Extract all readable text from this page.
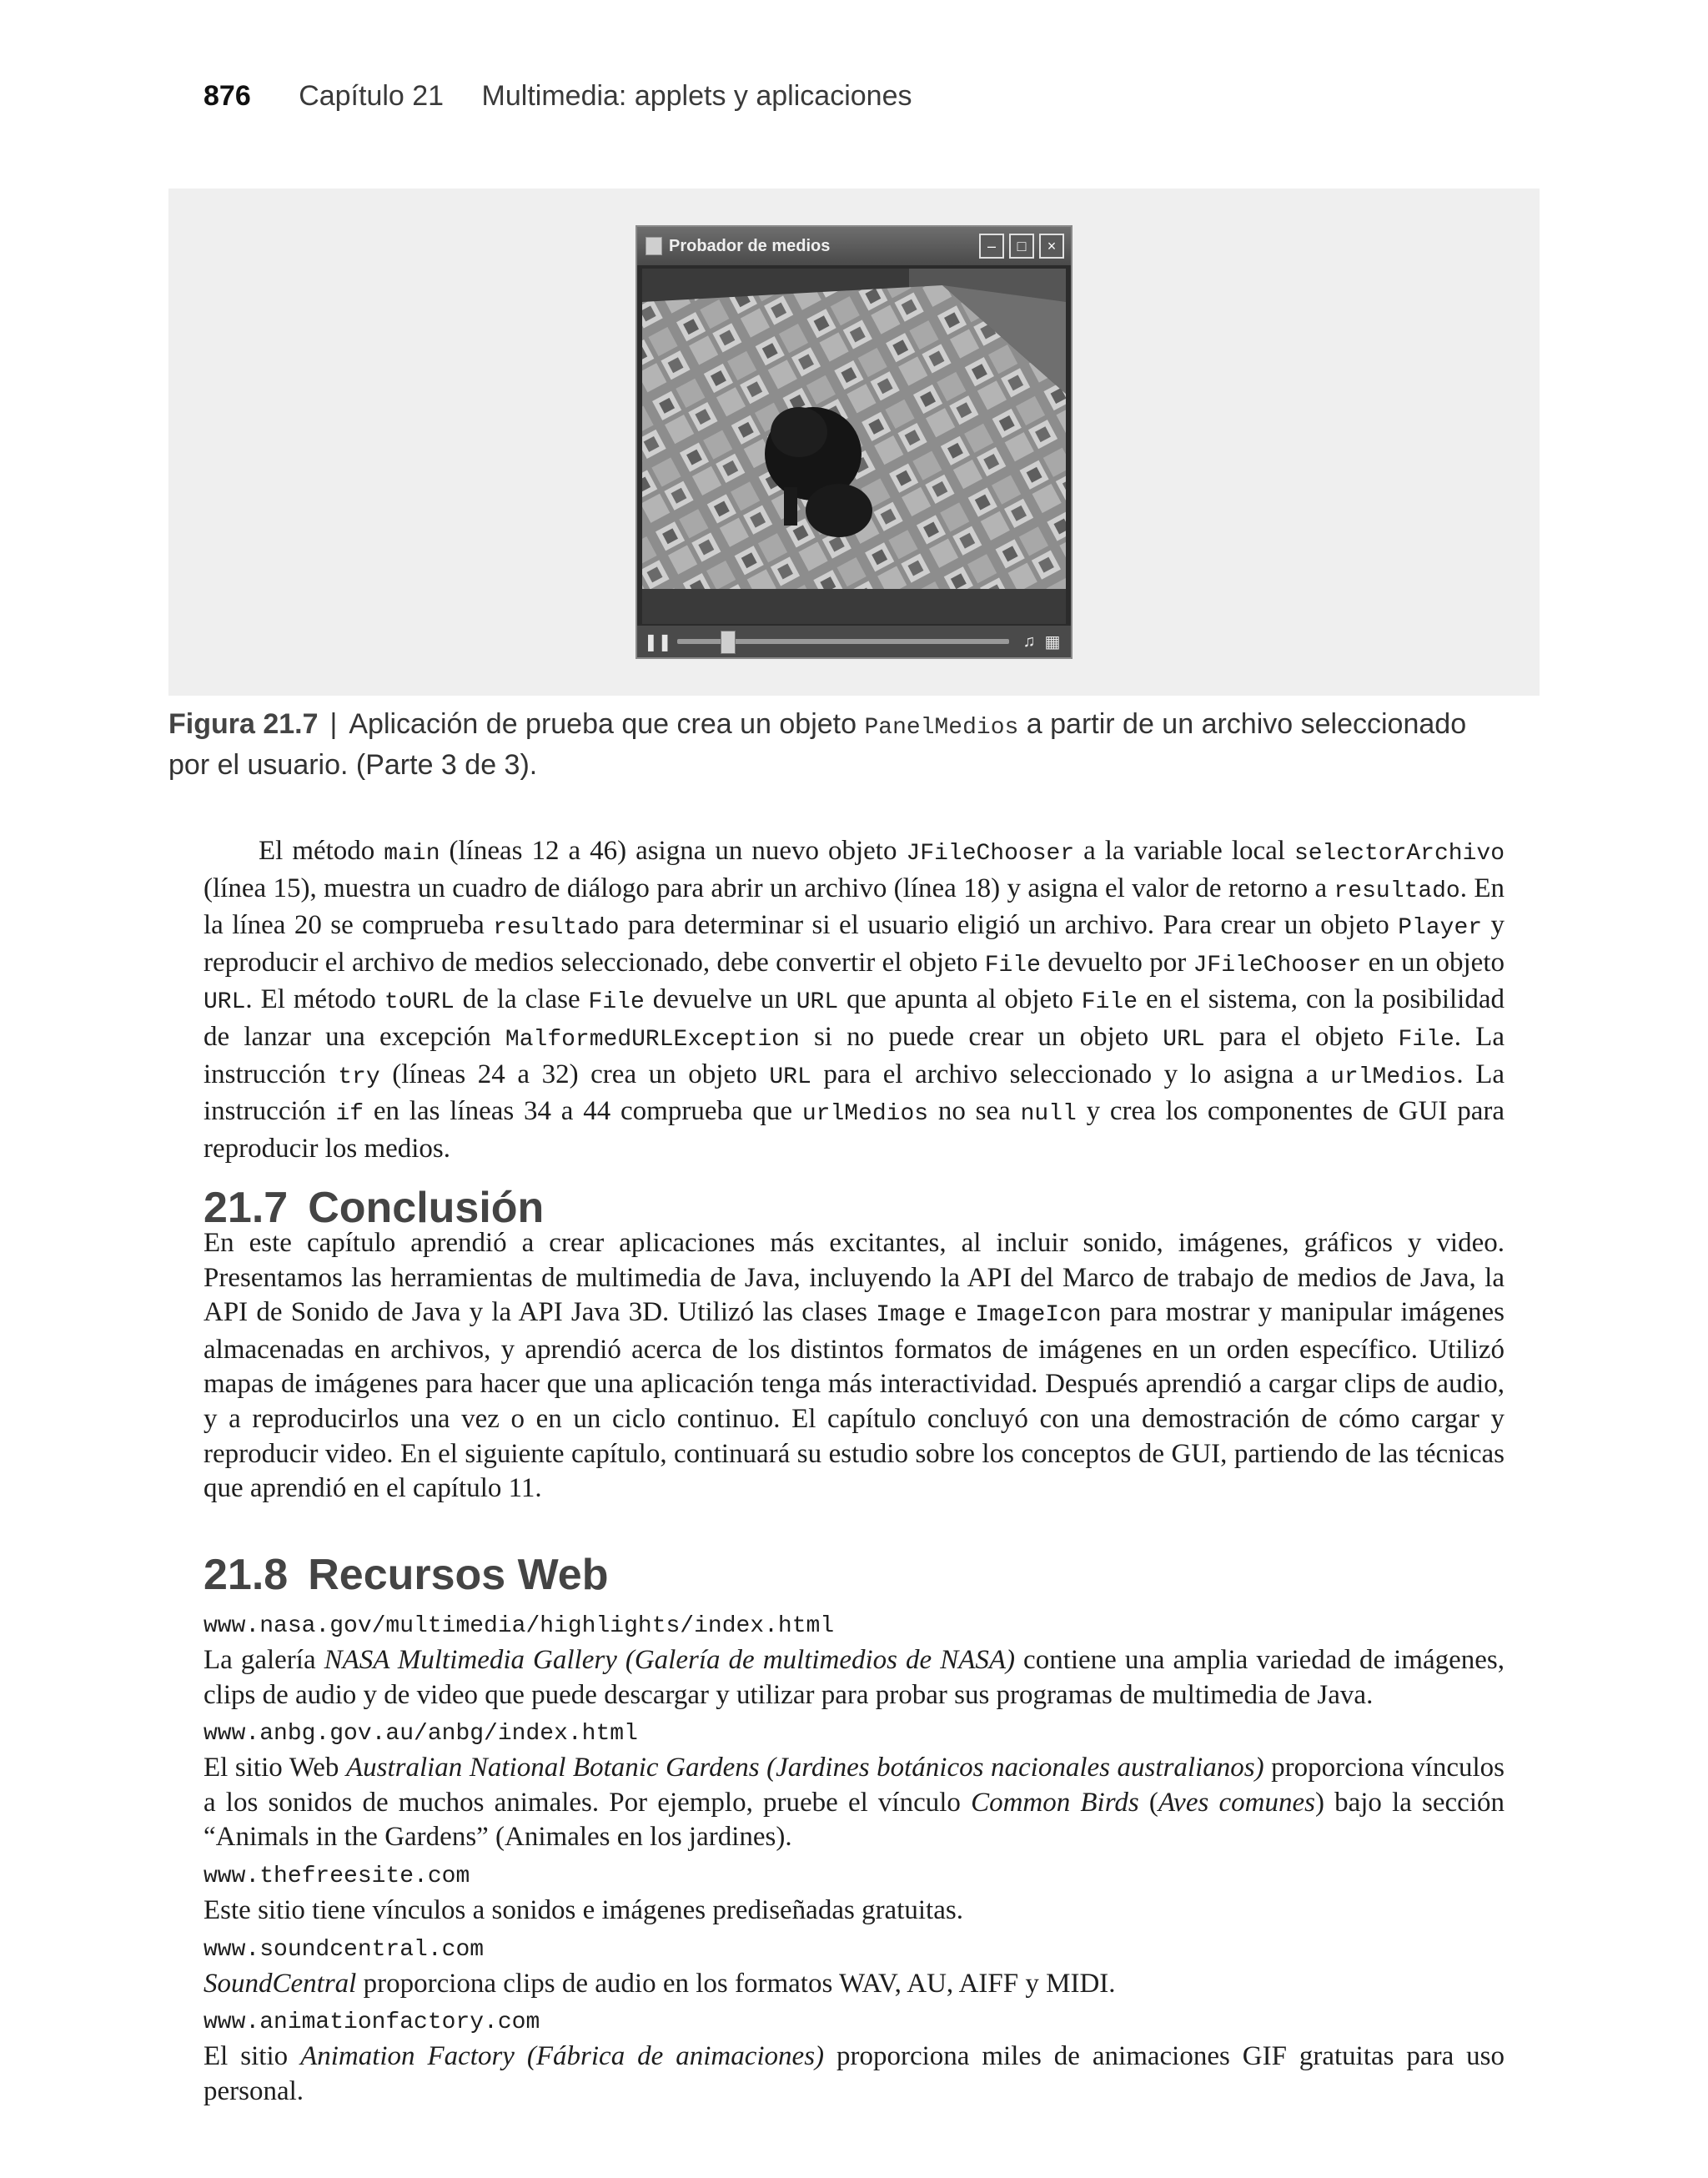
876 Capítulo 21 Multimedia: applets y aplicaciones
Probador de medios	–	□	×
❚❚	♫ ▦
Figura 21.7 | Aplicación de prueba que crea un objeto PanelMedios a partir de un archivo seleccionado por el usuario. (Parte 3 de 3).

El método main (líneas 12 a 46) asigna un nuevo objeto JFileChooser a la variable local selectorArchivo (línea 15), muestra un cuadro de diálogo para abrir un archivo (línea 18) y asigna el valor de retorno a resultado. En la línea 20 se comprueba resultado para determinar si el usuario eligió un archivo. Para crear un objeto Player y reproducir el archivo de medios seleccionado, debe convertir el objeto File devuelto por JFileChooser en un objeto URL. El método toURL de la clase File devuelve un URL que apunta al objeto File en el sistema, con la posibilidad de lanzar una excepción MalformedURLException si no puede crear un objeto URL para el objeto File. La instrucción try (líneas 24 a 32) crea un objeto URL para el archivo seleccionado y lo asigna a urlMedios. La instrucción if en las líneas 34 a 44 comprueba que urlMedios no sea null y crea los componentes de GUI para reproducir los medios.

21.7 Conclusión

En este capítulo aprendió a crear aplicaciones más excitantes, al incluir sonido, imágenes, gráficos y video. Presentamos las herramientas de multimedia de Java, incluyendo la API del Marco de trabajo de medios de Java, la API de Sonido de Java y la API Java 3D. Utilizó las clases Image e ImageIcon para mostrar y manipular imágenes almacenadas en archivos, y aprendió acerca de los distintos formatos de imágenes en un orden específico. Utilizó mapas de imágenes para hacer que una aplicación tenga más interactividad. Después aprendió a cargar clips de audio, y a reproducirlos una vez o en un ciclo continuo. El capítulo concluyó con una demostración de cómo cargar y reproducir video. En el siguiente capítulo, continuará su estudio sobre los conceptos de GUI, partiendo de las técnicas que aprendió en el capítulo 11.

21.8 Recursos Web
www.nasa.gov/multimedia/highlights/index.html

La galería NASA Multimedia Gallery (Galería de multimedios de NASA) contiene una amplia variedad de imágenes, clips de audio y de video que puede descargar y utilizar para probar sus programas de multimedia de Java.

www.anbg.gov.au/anbg/index.html

El sitio Web Australian National Botanic Gardens (Jardines botánicos nacionales australianos) proporciona vínculos a los sonidos de muchos animales. Por ejemplo, pruebe el vínculo Common Birds (Aves comunes) bajo la sección “Animals in the Gardens” (Animales en los jardines).

www.thefreesite.com

Este sitio tiene vínculos a sonidos e imágenes prediseñadas gratuitas.

www.soundcentral.com

SoundCentral proporciona clips de audio en los formatos WAV, AU, AIFF y MIDI.

www.animationfactory.com

El sitio Animation Factory (Fábrica de animaciones) proporciona miles de animaciones GIF gratuitas para uso personal.
